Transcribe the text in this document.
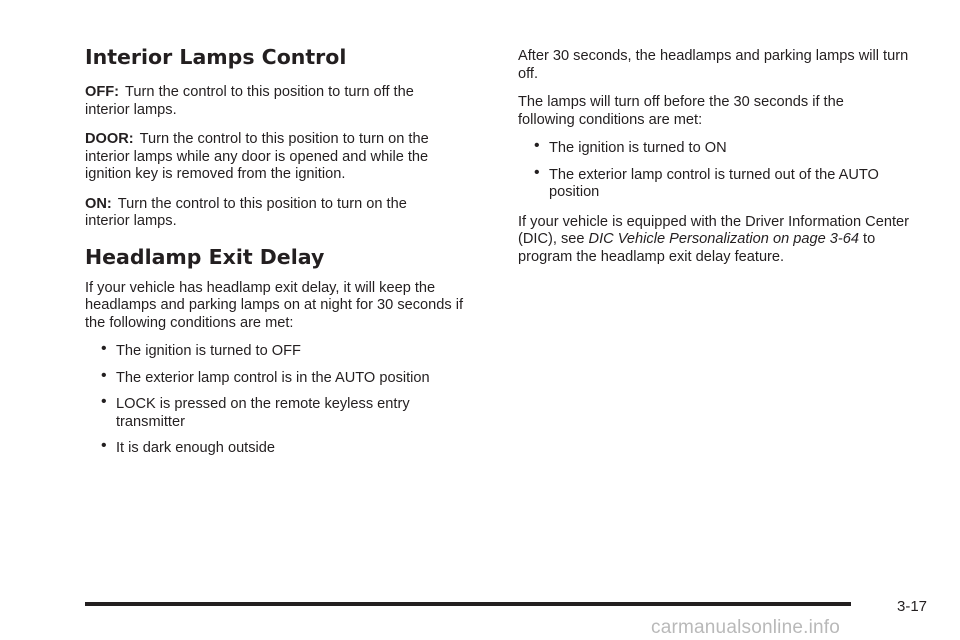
Interior Lamps Control

OFF: Turn the control to this position to turn off the interior lamps.

DOOR: Turn the control to this position to turn on the interior lamps while any door is opened and while the ignition key is removed from the ignition.

ON: Turn the control to this position to turn on the interior lamps.

Headlamp Exit Delay

If your vehicle has headlamp exit delay, it will keep the headlamps and parking lamps on at night for 30 seconds if the following conditions are met:

• The ignition is turned to OFF
• The exterior lamp control is in the AUTO position
• LOCK is pressed on the remote keyless entry transmitter
• It is dark enough outside

After 30 seconds, the headlamps and parking lamps will turn off.

The lamps will turn off before the 30 seconds if the following conditions are met:

• The ignition is turned to ON
• The exterior lamp control is turned out of the AUTO position

If your vehicle is equipped with the Driver Information Center (DIC), see DIC Vehicle Personalization on page 3-64 to program the headlamp exit delay feature.

3-17
carmanualsonline.info
